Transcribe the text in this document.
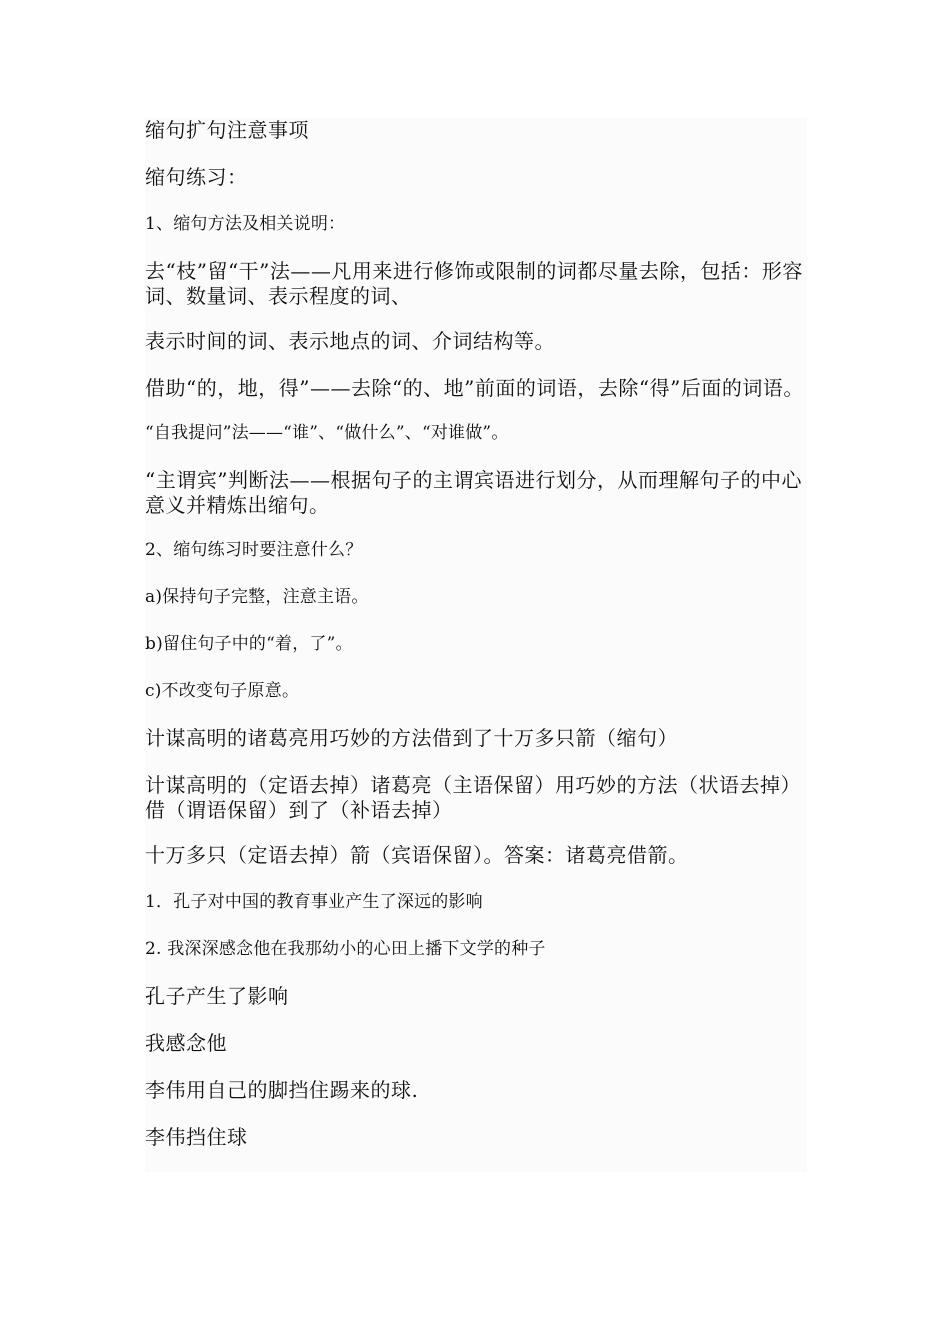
缩句扩句注意事项

缩句练习：

1、缩句方法及相关说明：

去“枝”留“干”法——凡用来进行修饰或限制的词都尽量去除，包括：形容词、数量词、表示程度的词、

表示时间的词、表示地点的词、介词结构等。

借助“的，地，得”——去除“的、地”前面的词语，去除“得”后面的词语。

“自我提问”法——“谁”、“做什么”、“对谁做”。

“主谓宾”判断法——根据句子的主谓宾语进行划分，从而理解句子的中心意义并精炼出缩句。

2、缩句练习时要注意什么？

a)保持句子完整，注意主语。

b)留住句子中的“着，了”。

c)不改变句子原意。

计谋高明的诸葛亮用巧妙的方法借到了十万多只箭（缩句）

计谋高明的（定语去掉）诸葛亮（主语保留）用巧妙的方法（状语去掉）借（谓语保留）到了（补语去掉）

十万多只（定语去掉）箭（宾语保留）。答案：诸葛亮借箭。

1．孔子对中国的教育事业产生了深远的影响

2. 我深深感念他在我那幼小的心田上播下文学的种子

孔子产生了影响

我感念他

李伟用自己的脚挡住踢来的球.

李伟挡住球
